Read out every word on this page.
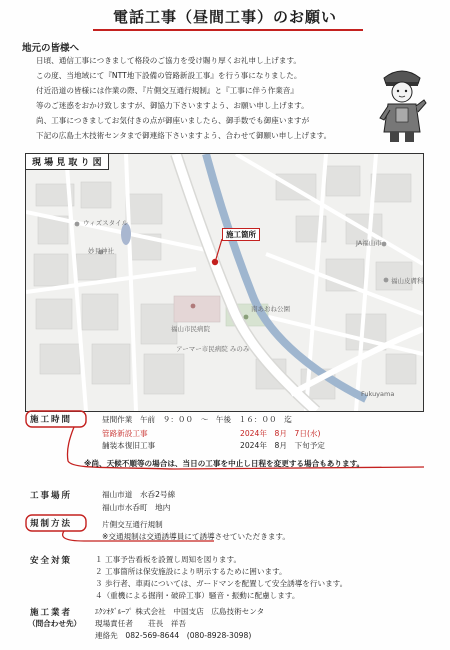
電話工事（昼間工事）のお願い
地元の皆様へ
日頃、通信工事につきまして格段のご協力を受け賜り厚くお礼申し上げます。
この度、当地域にて『NTT地下設備の管路新設工事』を行う事になりました。
付近沿道の皆様には作業の際、『片側交互通行規制』と『工事に伴う作業音』
等のご迷惑をおかけ致しますが、御協力下さいますよう、お願い申し上げます。
尚、工事につきましてお気付きの点が御座いましたら、御手数でも御座いますが
下記の広島土木技術センタまで御連絡下さいますよう、合わせて御願い申し上げます。
現 場 見 取 り 図
施工箇所
ウィズスタイル
妙見神社
JA福山市
福山皮膚科
南あおね公園
福山市民病院
アーマー市民病院 みのみ
Fukuyama
施工時間	昼間作業　午前　９：００　～　午後　１６：００　迄
管路新設工事	2024年　8月　7日(水)
舗装本復旧工事	2024年　8月　下旬予定
※尚、天候不順等の場合は、当日の工事を中止し日程を変更する場合もあります。
工事場所	福山市道　水呑2号線
福山市水呑町　地内
規制方法	片側交互通行規制
※交通規制は交通誘導員にて誘導させていただきます。
安全対策	１ 工事予告看板を設置し周知を図ります。
２ 工事箇所は保安施設により明示するために囲います。
３ 歩行者、車両については、ガードマンを配置して安全誘導を行います。
４（重機による掘削・破砕工事）騒音・振動に配慮します。
施工業者
（問合わせ先）
ｴｸｼｵﾀﾞﾙｰﾌﾟ 株式会社　中国支店　広島技術センタ
現場責任者　　荘長　祥吾
連絡先　082-569-8644　(080-8928-3098)
